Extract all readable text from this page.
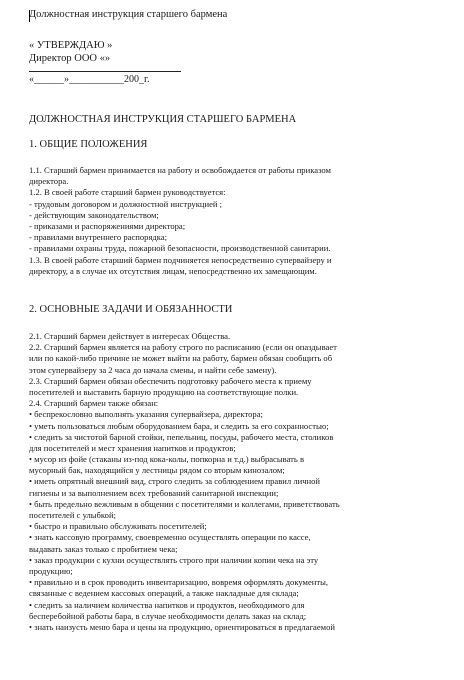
Должностная инструкция старшего бармена
« УТВЕРЖДАЮ »
Директор ООО «»
«______»___________200_г.
ДОЛЖНОСТНАЯ ИНСТРУКЦИЯ СТАРШЕГО БАРМЕНА
1. ОБЩИЕ ПОЛОЖЕНИЯ
1.1. Старший бармен принимается на работу и освобождается от работы приказом
директора.
1.2. В своей работе старший бармен руководствуется:
- трудовым договором и должностной инструкцией ;
- действующим законодательством;
- приказами и распоряжениями директора;
- правилами внутреннего распорядка;
- правилами охраны труда, пожарной безопасности, производственной санитарии.
1.3. В своей работе старший бармен подчиняется непосредственно супервайзеру и
директору, а в случае их отсутствия лицам, непосредственно их замещающим.
2. ОСНОВНЫЕ ЗАДАЧИ И ОБЯЗАННОСТИ
2.1. Старший бармен действует в интересах Общества.
2.2. Старший бармен является на работу строго по расписанию (если он опаздывает
или по какой-либо причине не может выйти на работу, бармен обязан сообщить об
этом супервайзеру за 2 часа до начала смены, и найти себе замену).
2.3. Старший бармен обязан обеспечить подготовку рабочего места к приему
посетителей и выставить барную продукцию на соответствующие полки.
2.4. Старший бармен также обязан:
• беспрекословно выполнять указания супервайзера, директора;
• уметь пользоваться любым оборудованием бара, и следить за его сохранностью;
• следить за чистотой барной стойки, пепельниц, посуды, рабочего места, столиков
для посетителей и мест хранения напитков и продуктов;
• мусор из фойе (стаканы из-под кока-колы, попкорна и т.д.) выбрасывать в
мусорный бак, находящийся у лестницы рядом со вторым кинозалом;
• иметь опрятный внешний вид, строго следить за соблюдением правил личной
гигиены и за выполнением всех требований санитарной инспекции;
• быть предельно вежливым в общении с посетителями и коллегами, приветствовать
посетителей с улыбкой;
• быстро и правильно обслуживать посетителей;
• знать кассовую программу, своевременно осуществлять операции по кассе,
выдавать заказ только с пробитием чека;
• заказ продукции с кухни осуществлять строго при наличии копии чека на эту
продукцию;
• правильно и в срок проводить инвентаризацию, вовремя оформлять документы,
связанные с ведением кассовых операций, а также накладные для склада;
• следить за наличием количества напитков и продуктов, необходимого для
бесперебойной работы бара, в случае необходимости делать заказ на склад;
• знать наизусть меню бара и цены на продукцию, ориентироваться в предлагаемой
